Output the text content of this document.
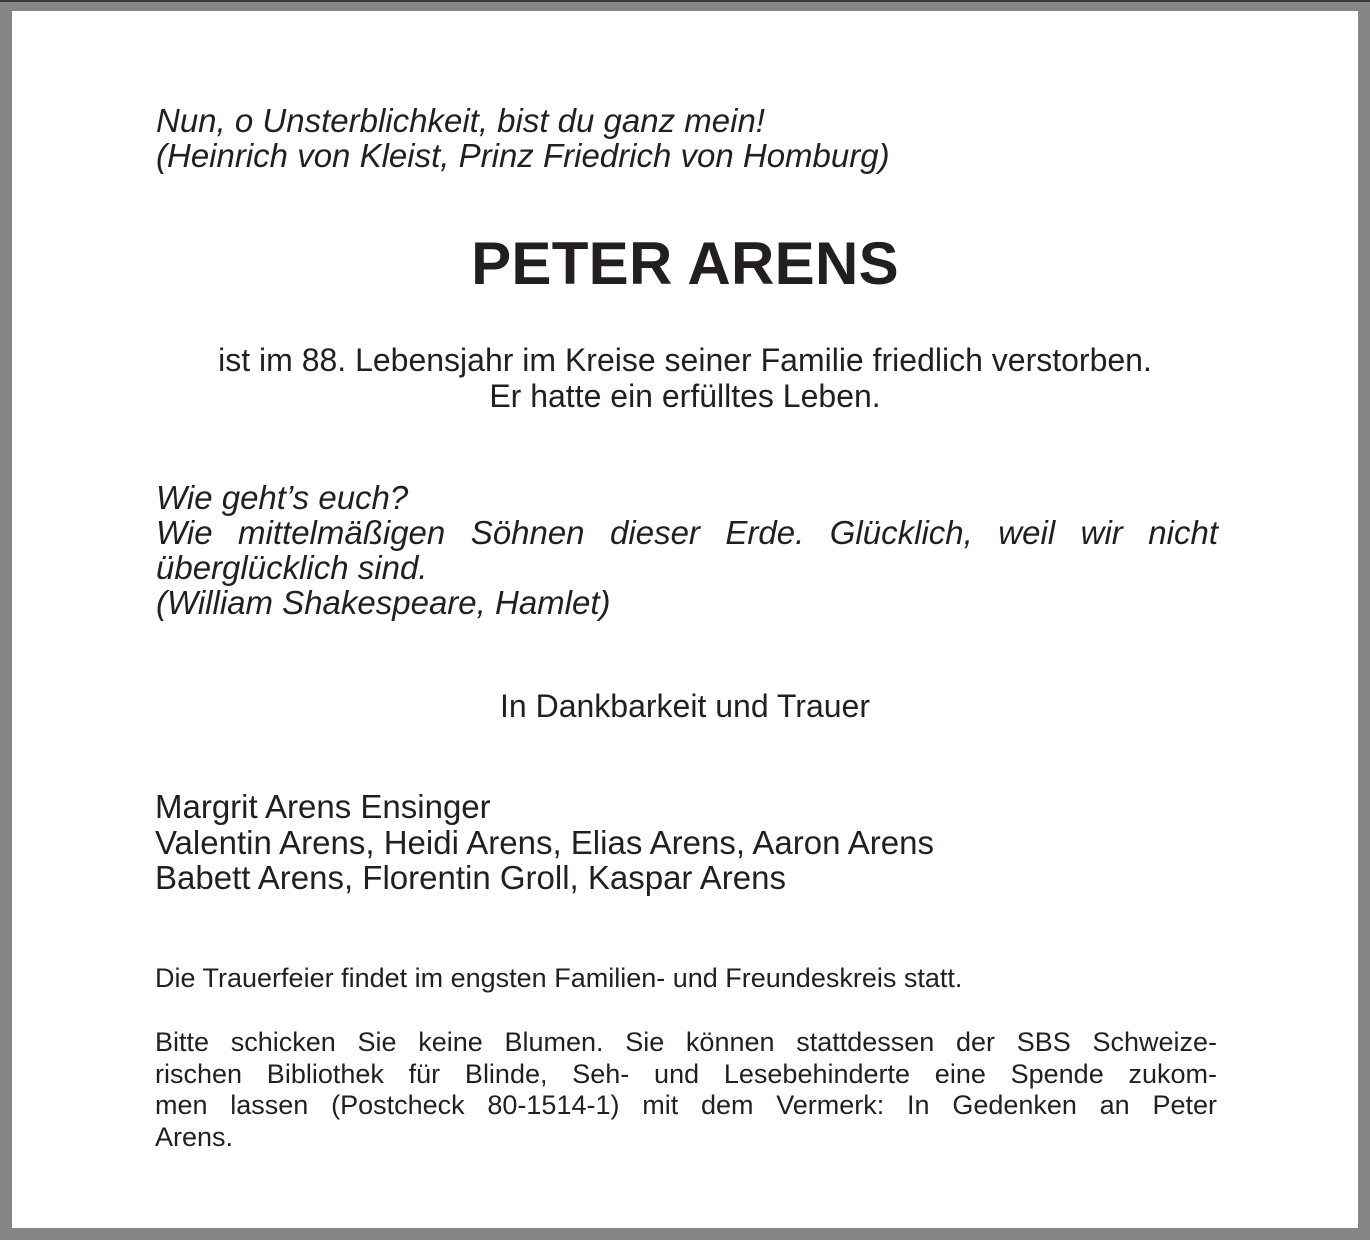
Nun, o Unsterblichkeit, bist du ganz mein!
(Heinrich von Kleist, Prinz Friedrich von Homburg)
PETER ARENS
ist im 88. Lebensjahr im Kreise seiner Familie friedlich verstorben.
Er hatte ein erfülltes Leben.
Wie geht’s euch?
Wie mittelmäßigen Söhnen dieser Erde. Glücklich, weil wir nicht
überglücklich sind.
(William Shakespeare, Hamlet)
In Dankbarkeit und Trauer
Margrit Arens Ensinger
Valentin Arens, Heidi Arens, Elias Arens, Aaron Arens
Babett Arens, Florentin Groll, Kaspar Arens
Die Trauerfeier findet im engsten Familien- und Freundeskreis statt.
Bitte schicken Sie keine Blumen. Sie können stattdessen der SBS Schweize-
rischen Bibliothek für Blinde, Seh- und Lesebehinderte eine Spende zukom-
men lassen (Postcheck 80-1514-1) mit dem Vermerk: In Gedenken an Peter
Arens.
